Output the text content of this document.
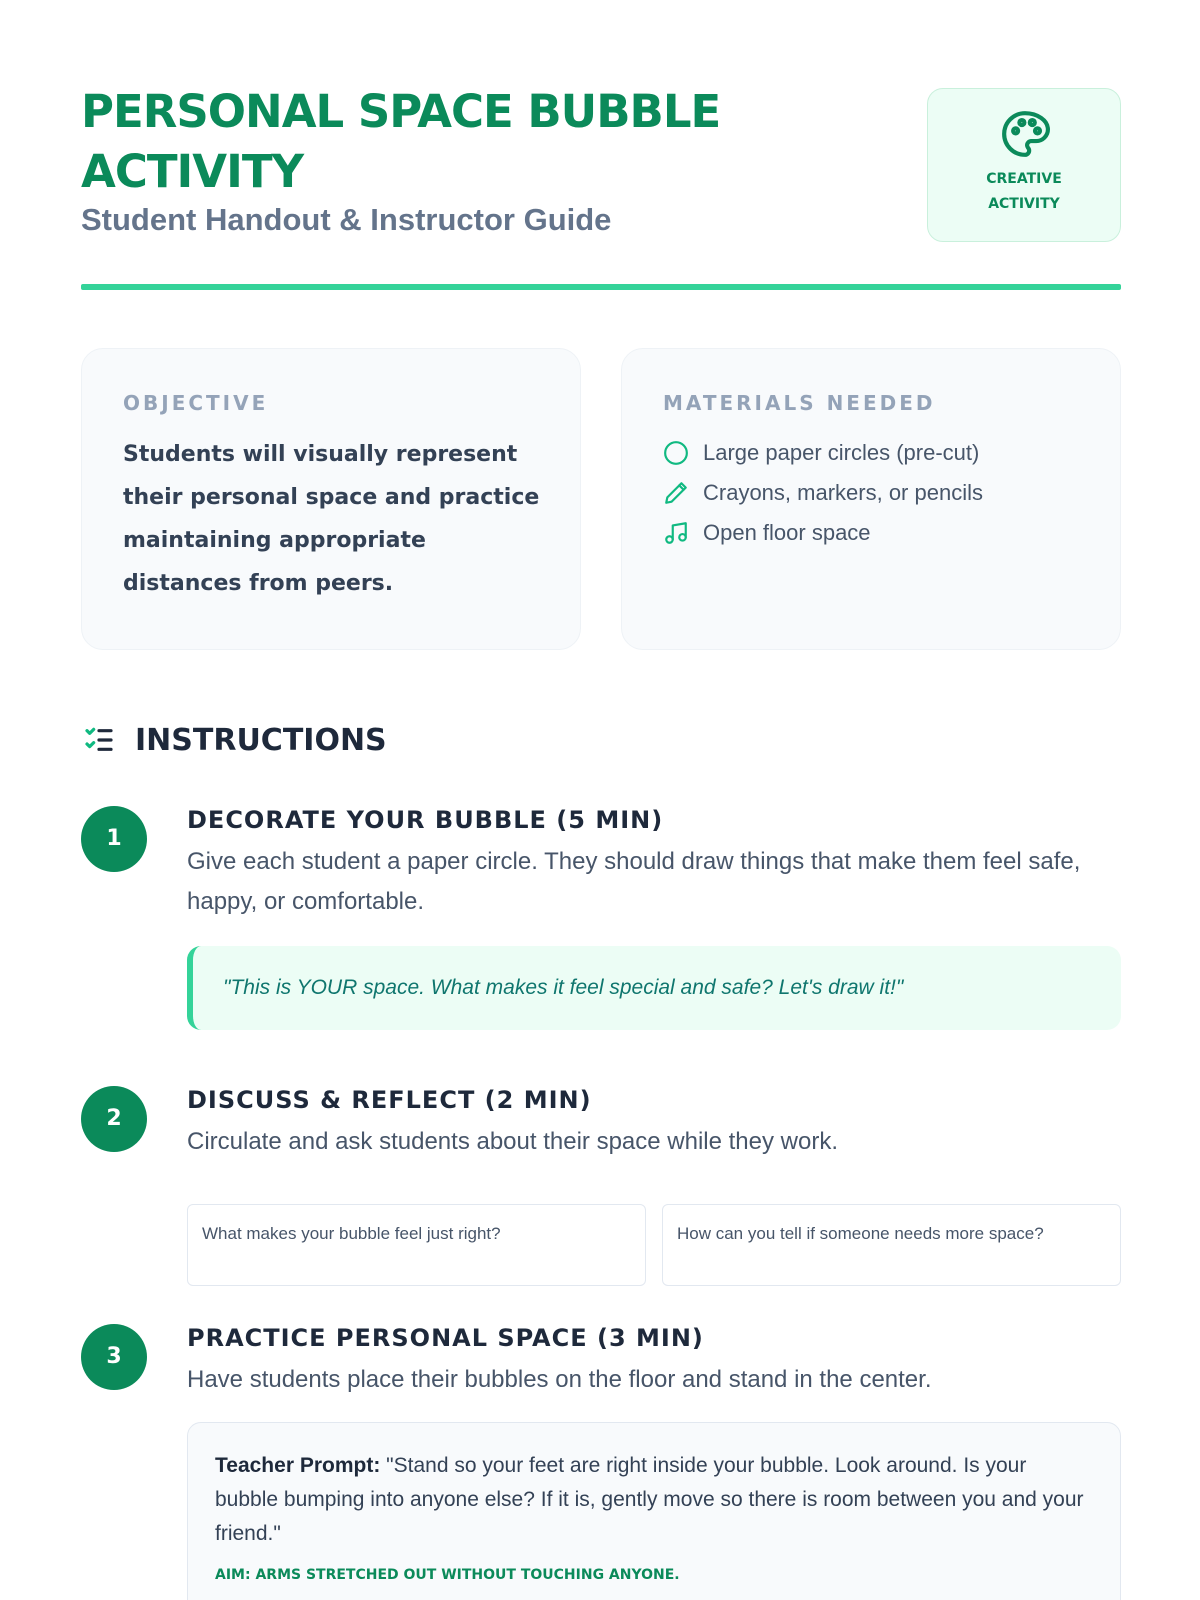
PERSONAL SPACE BUBBLE ACTIVITY
Student Handout & Instructor Guide
CREATIVE
ACTIVITY
OBJECTIVE
Students will visually represent their personal space and practice maintaining appropriate distances from peers.
MATERIALS NEEDED
Large paper circles (pre-cut)
Crayons, markers, or pencils
Open floor space
INSTRUCTIONS
1
DECORATE YOUR BUBBLE (5 MIN)
Give each student a paper circle. They should draw things that make them feel safe, happy, or comfortable.
"This is YOUR space. What makes it feel special and safe? Let's draw it!"
2
DISCUSS & REFLECT (2 MIN)
Circulate and ask students about their space while they work.
What makes your bubble feel just right?	How can you tell if someone needs more space?
3
PRACTICE PERSONAL SPACE (3 MIN)
Have students place their bubbles on the floor and stand in the center.
Teacher Prompt: "Stand so your feet are right inside your bubble. Look around. Is your bubble bumping into anyone else? If it is, gently move so there is room between you and your friend."
AIM: ARMS STRETCHED OUT WITHOUT TOUCHING ANYONE.
